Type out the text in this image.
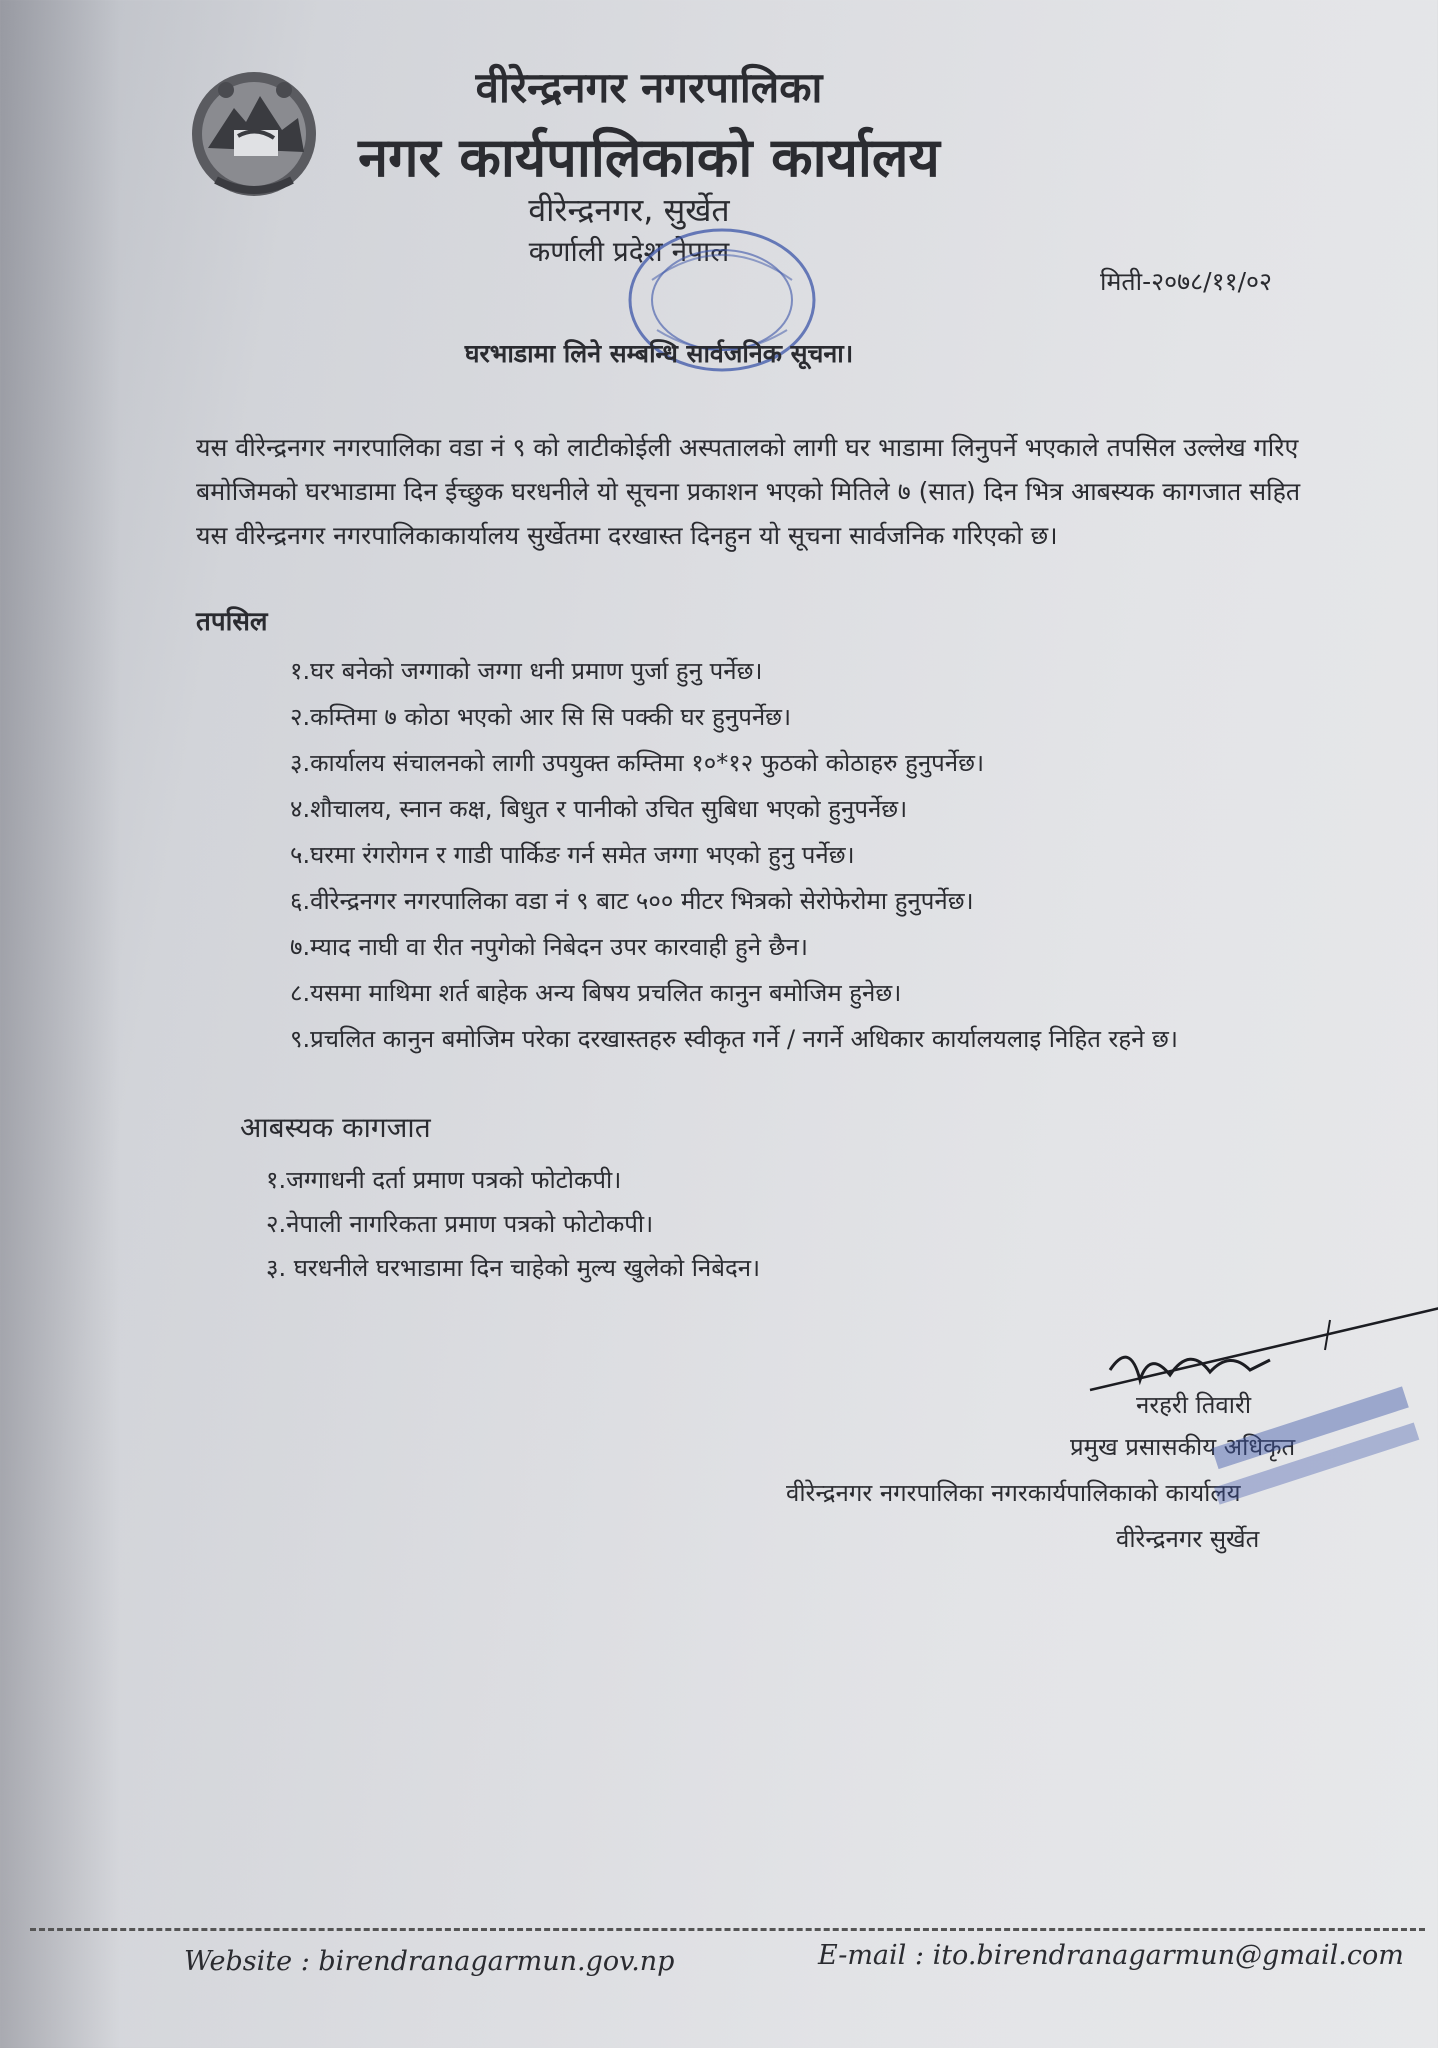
वीरेन्द्रनगर नगरपालिका
नगर कार्यपालिकाको कार्यालय
वीरेन्द्रनगर, सुर्खेत
कर्णाली प्रदेश नेपाल
मिती-२०७८/११/०२
घरभाडामा लिने सम्बन्धि सार्वजनिक सूचना।
यस वीरेन्द्रनगर नगरपालिका वडा नं ९ को लाटीकोईली अस्पतालको लागी घर भाडामा लिनुपर्ने भएकाले तपसिल उल्लेख गरिए बमोजिमको घरभाडामा दिन ईच्छुक घरधनीले यो सूचना प्रकाशन भएको मितिले ७ (सात) दिन भित्र आबस्यक कागजात सहित यस वीरेन्द्रनगर नगरपालिकाकार्यालय सुर्खेतमा दरखास्त दिनहुन यो सूचना सार्वजनिक गरिएको छ।
तपसिल
१.घर बनेको जग्गाको जग्गा धनी प्रमाण पुर्जा हुनु पर्नेछ।
२.कम्तिमा ७ कोठा भएको आर सि सि पक्की घर हुनुपर्नेछ।
३.कार्यालय संचालनको लागी उपयुक्त कम्तिमा १०*१२ फुठको कोठाहरु हुनुपर्नेछ।
४.शौचालय, स्नान कक्ष, बिधुत र पानीको उचित सुबिधा भएको हुनुपर्नेछ।
५.घरमा रंगरोगन र गाडी पार्किङ गर्न समेत जग्गा भएको हुनु पर्नेछ।
६.वीरेन्द्रनगर नगरपालिका वडा नं ९ बाट ५०० मीटर भित्रको सेरोफेरोमा हुनुपर्नेछ।
७.म्याद नाघी वा रीत नपुगेको निबेदन उपर कारवाही हुने छैन।
८.यसमा माथिमा शर्त बाहेक अन्य बिषय प्रचलित कानुन बमोजिम हुनेछ।
९.प्रचलित कानुन बमोजिम परेका दरखास्तहरु स्वीकृत गर्ने / नगर्ने अधिकार कार्यालयलाइ निहित रहने छ।
आबस्यक कागजात
१.जग्गाधनी दर्ता प्रमाण पत्रको फोटोकपी।
२.नेपाली नागरिकता प्रमाण पत्रको फोटोकपी।
३. घरधनीले घरभाडामा दिन चाहेको मुल्य खुलेको निबेदन।
नरहरी तिवारी
प्रमुख प्रसासकीय अधिकृत
वीरेन्द्रनगर नगरपालिका नगरकार्यपालिकाको कार्यालय
वीरेन्द्रनगर सुर्खेत
Website : birendranagarmun.gov.np	E-mail : ito.birendranagarmun@gmail.com
